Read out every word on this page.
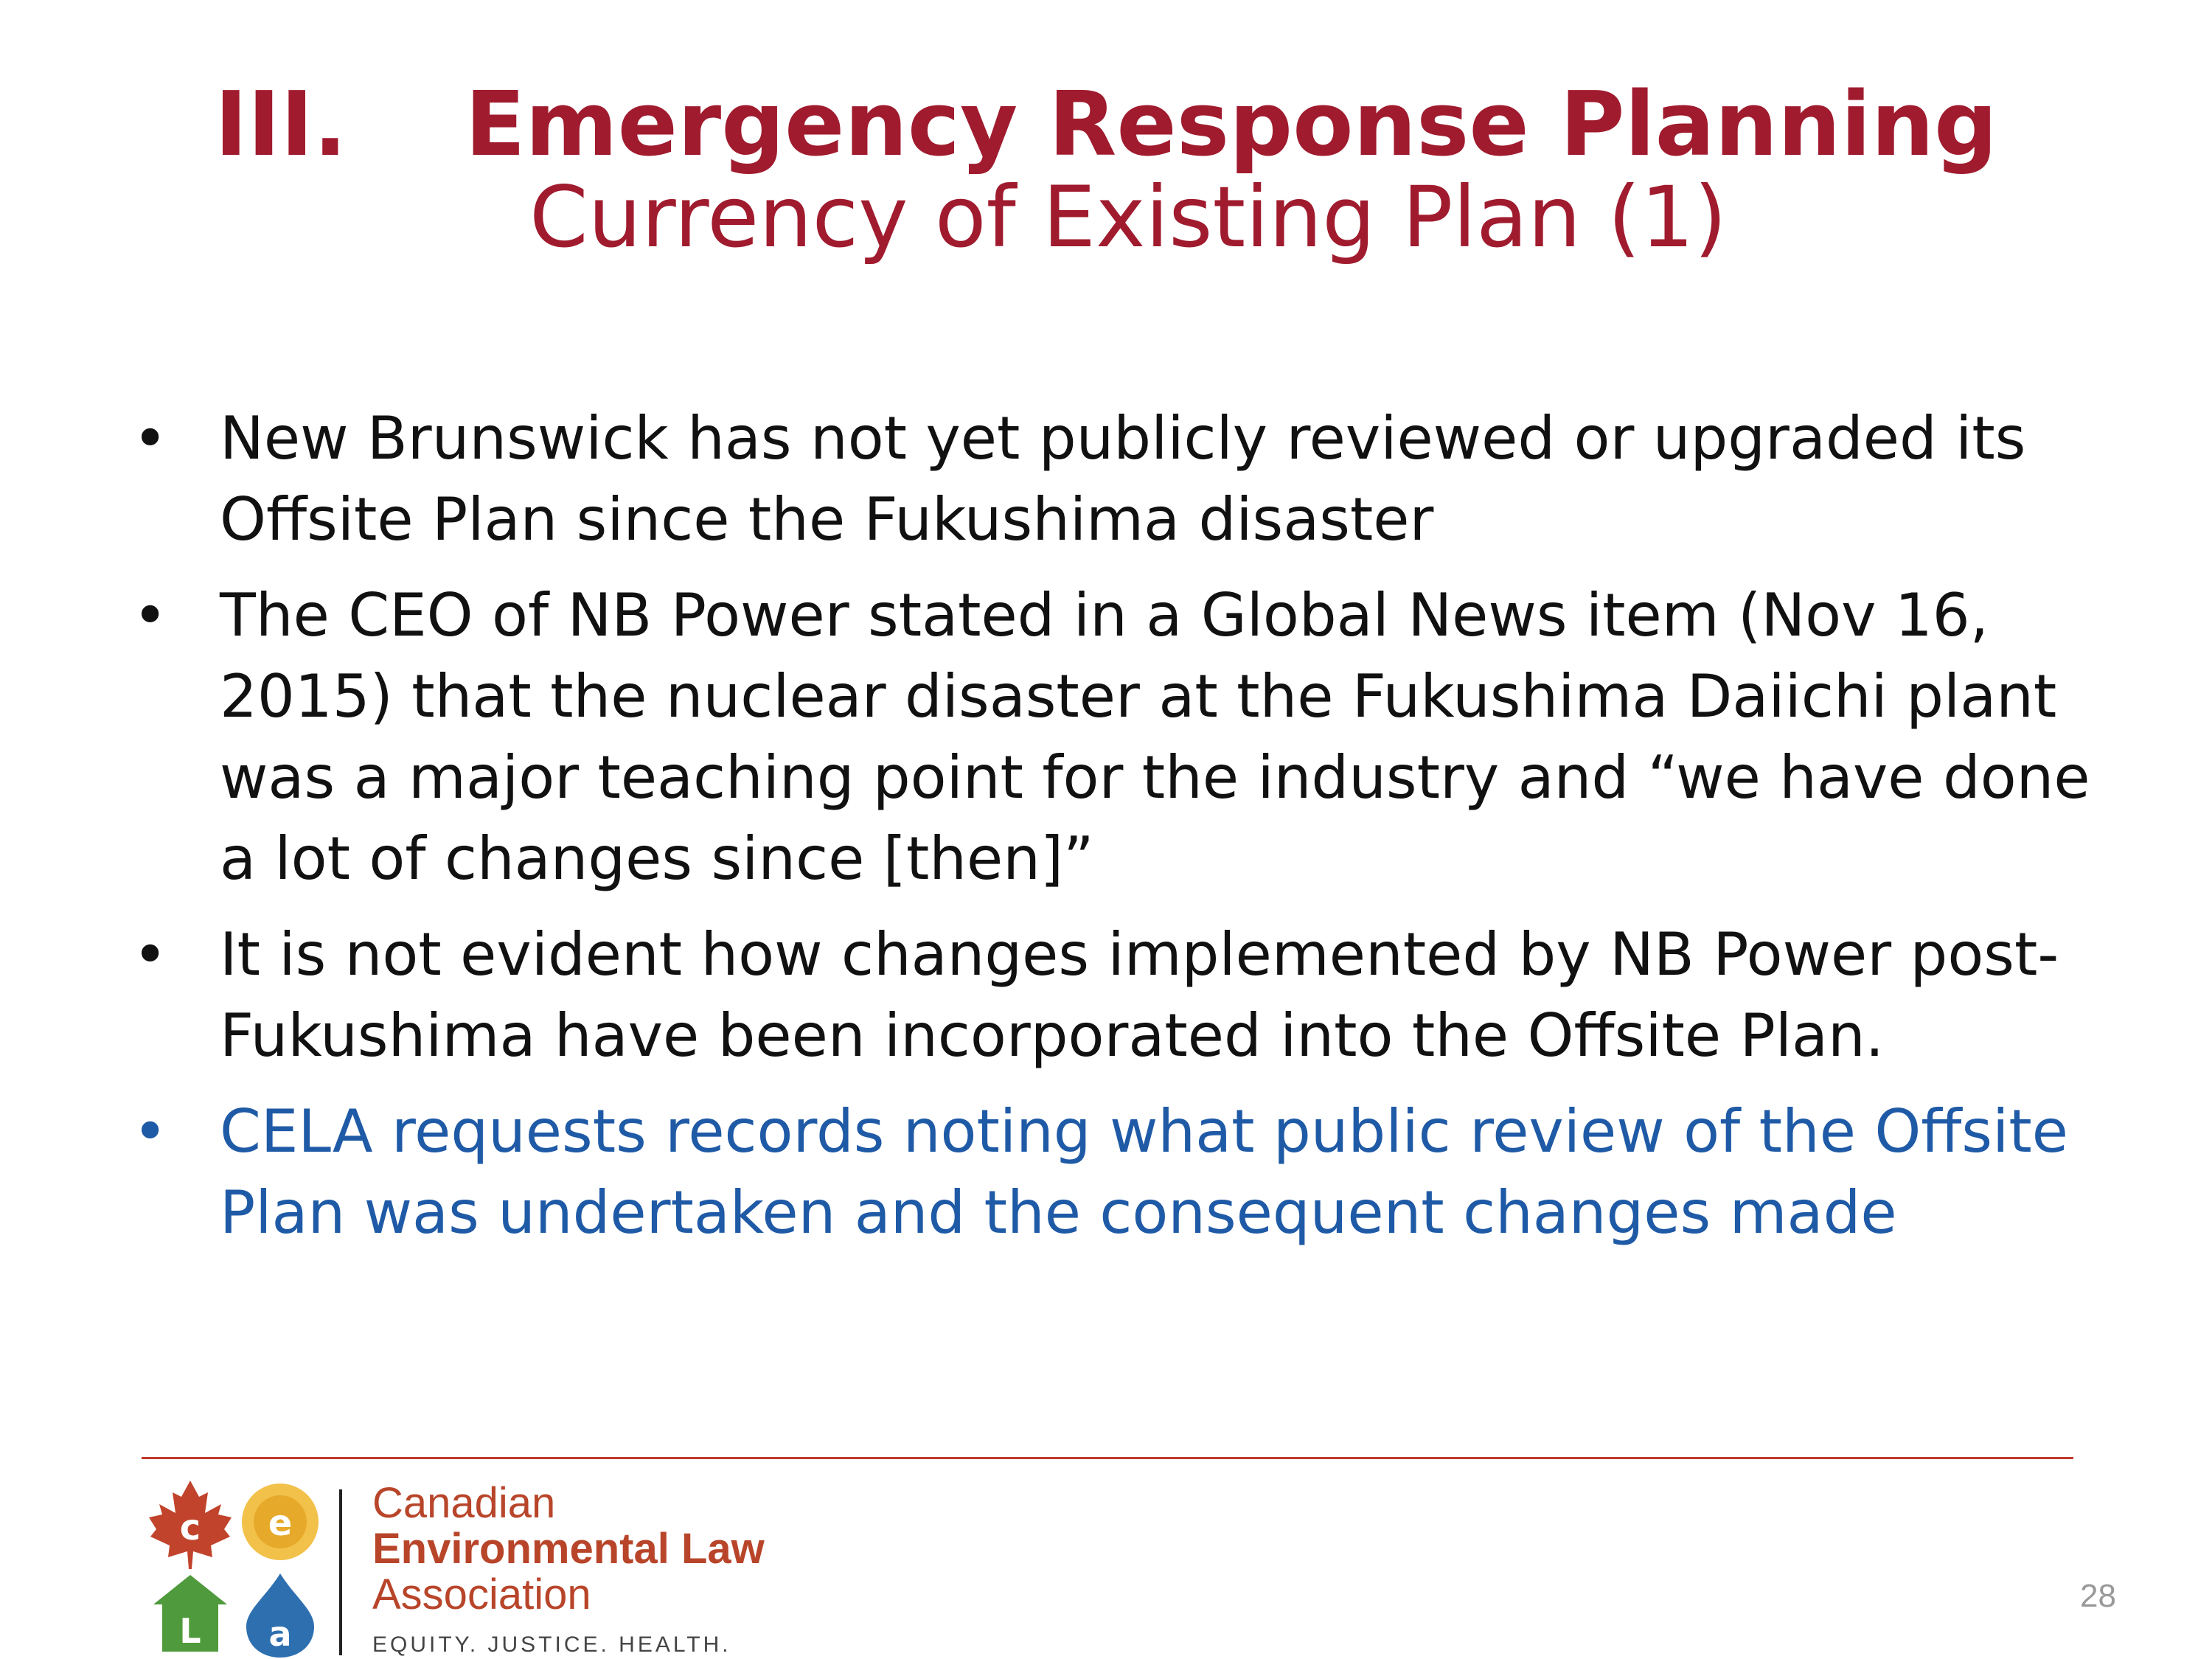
III. Emergency Response Planning
Currency of Existing Plan (1)
• New Brunswick has not yet publicly reviewed or upgraded its Offsite Plan since the Fukushima disaster
• The CEO of NB Power stated in a Global News item (Nov 16, 2015) that the nuclear disaster at the Fukushima Daiichi plant was a major teaching point for the industry and “we have done a lot of changes since [then]”
• It is not evident how changes implemented by NB Power post-Fukushima have been incorporated into the Offsite Plan.
• CELA requests records noting what public review of the Offsite Plan was undertaken and the consequent changes made
c e
L a
Canadian
Environmental Law
Association
EQUITY. JUSTICE. HEALTH.
28
